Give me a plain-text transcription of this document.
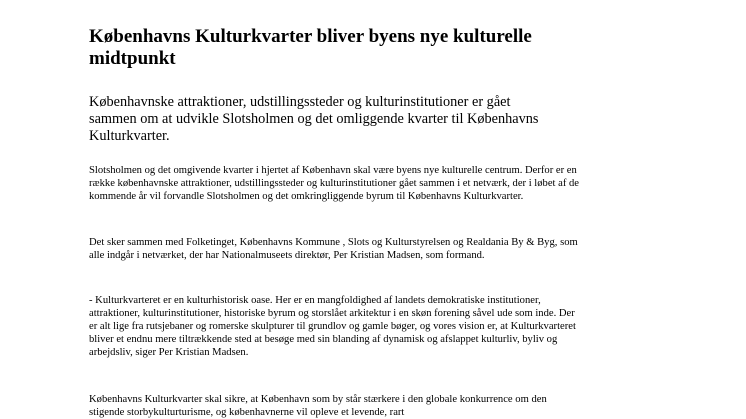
Københavns Kulturkvarter bliver byens nye kulturelle midtpunkt

Københavnske attraktioner, udstillingssteder og kulturinstitutioner er gået sammen om at udvikle Slotsholmen og det omliggende kvarter til Københavns Kulturkvarter.

Slotsholmen og det omgivende kvarter i hjertet af København skal være byens nye kulturelle centrum. Derfor er en række københavnske attraktioner, udstillingssteder og kulturinstitutioner gået sammen i et netværk, der i løbet af de kommende år vil forvandle Slotsholmen og det omkringliggende byrum til Københavns Kulturkvarter.

Det sker sammen med Folketinget, Københavns Kommune , Slots og Kulturstyrelsen og Realdania By & Byg, som alle indgår i netværket, der har Nationalmuseets direktør, Per Kristian Madsen, som formand.

- Kulturkvarteret er en kulturhistorisk oase. Her er en mangfoldighed af landets demokratiske institutioner, attraktioner, kulturinstitutioner, historiske byrum og storslået arkitektur i en skøn forening såvel ude som inde. Der er alt lige fra rutsjebaner og romerske skulpturer til grundlov og gamle bøger, og vores vision er, at Kulturkvarteret bliver et endnu mere tiltrækkende sted at besøge med sin blanding af dynamisk og afslappet kulturliv, byliv og arbejdsliv, siger Per Kristian Madsen.

Københavns Kulturkvarter skal sikre, at København som by står stærkere i den globale konkurrence om den stigende storbykulturturisme, og københavnerne vil opleve et levende, rart
